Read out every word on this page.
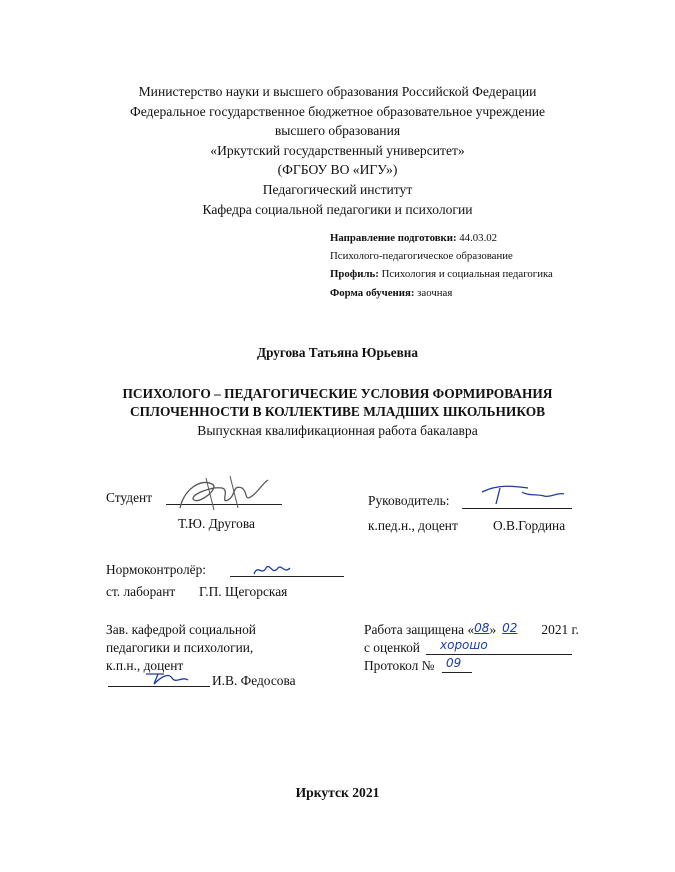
Министерство науки и высшего образования Российской Федерации
Федеральное государственное бюджетное образовательное учреждение
высшего образования
«Иркутский государственный университет»
(ФГБОУ ВО «ИГУ»)
Педагогический институт
Кафедра социальной педагогики и психологии
Направление подготовки: 44.03.02
Психолого-педагогическое образование
Профиль: Психология и социальная педагогика
Форма обучения: заочная
Другова Татьяна Юрьевна
ПСИХОЛОГО – ПЕДАГОГИЧЕСКИЕ УСЛОВИЯ ФОРМИРОВАНИЯ
СПЛОЧЕННОСТИ В КОЛЛЕКТИВЕ МЛАДШИХ ШКОЛЬНИКОВ
Выпускная квалификационная работа бакалавра
Студент
Т.Ю. Другова
Руководитель:
к.пед.н., доцент	О.В.Гордина
Нормоконтролёр:
ст. лаборант Г.П. Щегорская
Зав. кафедрой социальной
педагогики и психологии,
к.п.н., доцент
И.В. Федосова
Работа защищена «08» 02 2021 г.
с оценкой хорошо
Протокол № 09
Иркутск 2021
